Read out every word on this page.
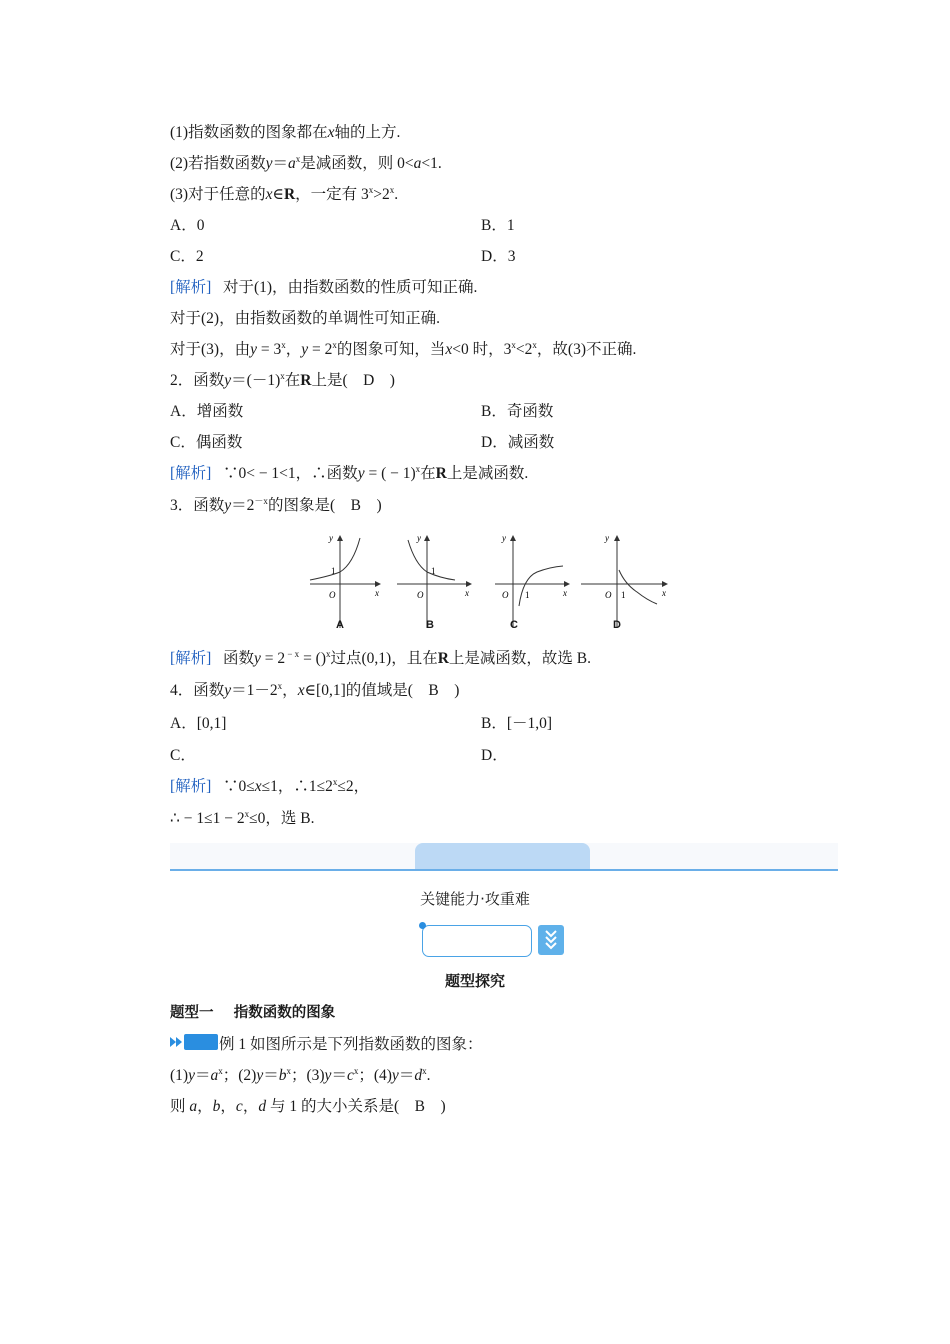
(1)指数函数的图象都在x轴的上方.
(2)若指数函数$y=a^x$是减函数，则 0<a<1.
(3)对于任意的x∈R，一定有 $3^x>2^x$.
A．0	B．1
C．2	D．3
[解析] 对于(1)，由指数函数的性质可知正确.
对于(2)，由指数函数的单调性可知正确.
对于(3)，由$y = 3^x$，$y = 2^x$的图象可知，当x<0 时，$3^x<2^x$，故(3)不正确.
2．函数$y=(-1)^x$在R上是(　D　)
A．增函数	B．奇函数
C．偶函数	D．减函数
[解析] ∵0< − 1<1，∴函数y = ( − 1)$^x$在R上是减函数.
3．函数$y=2^{-x}$的图象是(　B　)
y
x
O
1
y
x
O
1
y
x
O 1
y
x
O 1
A	B	C	D
[解析] 函数y = 2 $^{- x}$ = ()$^x$过点(0,1)，且在R上是减函数，故选 B.
4．函数$y=1-2^x$，x∈[0,1]的值域是(　B　)
A．[0,1]	B．[－1,0]
C．	D．
[解析] ∵0≤x≤1，$\therefore 1\le 2^x\le 2$，
∴ − $1\le 1 - 2^x\le 0$，选 B.
关键能力·攻重难
题型探究
题型一 指数函数的图象
例 1 如图所示是下列指数函数的图象：
$(1)y=a^x$；$(2)y=b^x$；$(3)y=c^x$；$(4)y=d^x$.
则 a，b，c，d 与 1 的大小关系是(　B　)
